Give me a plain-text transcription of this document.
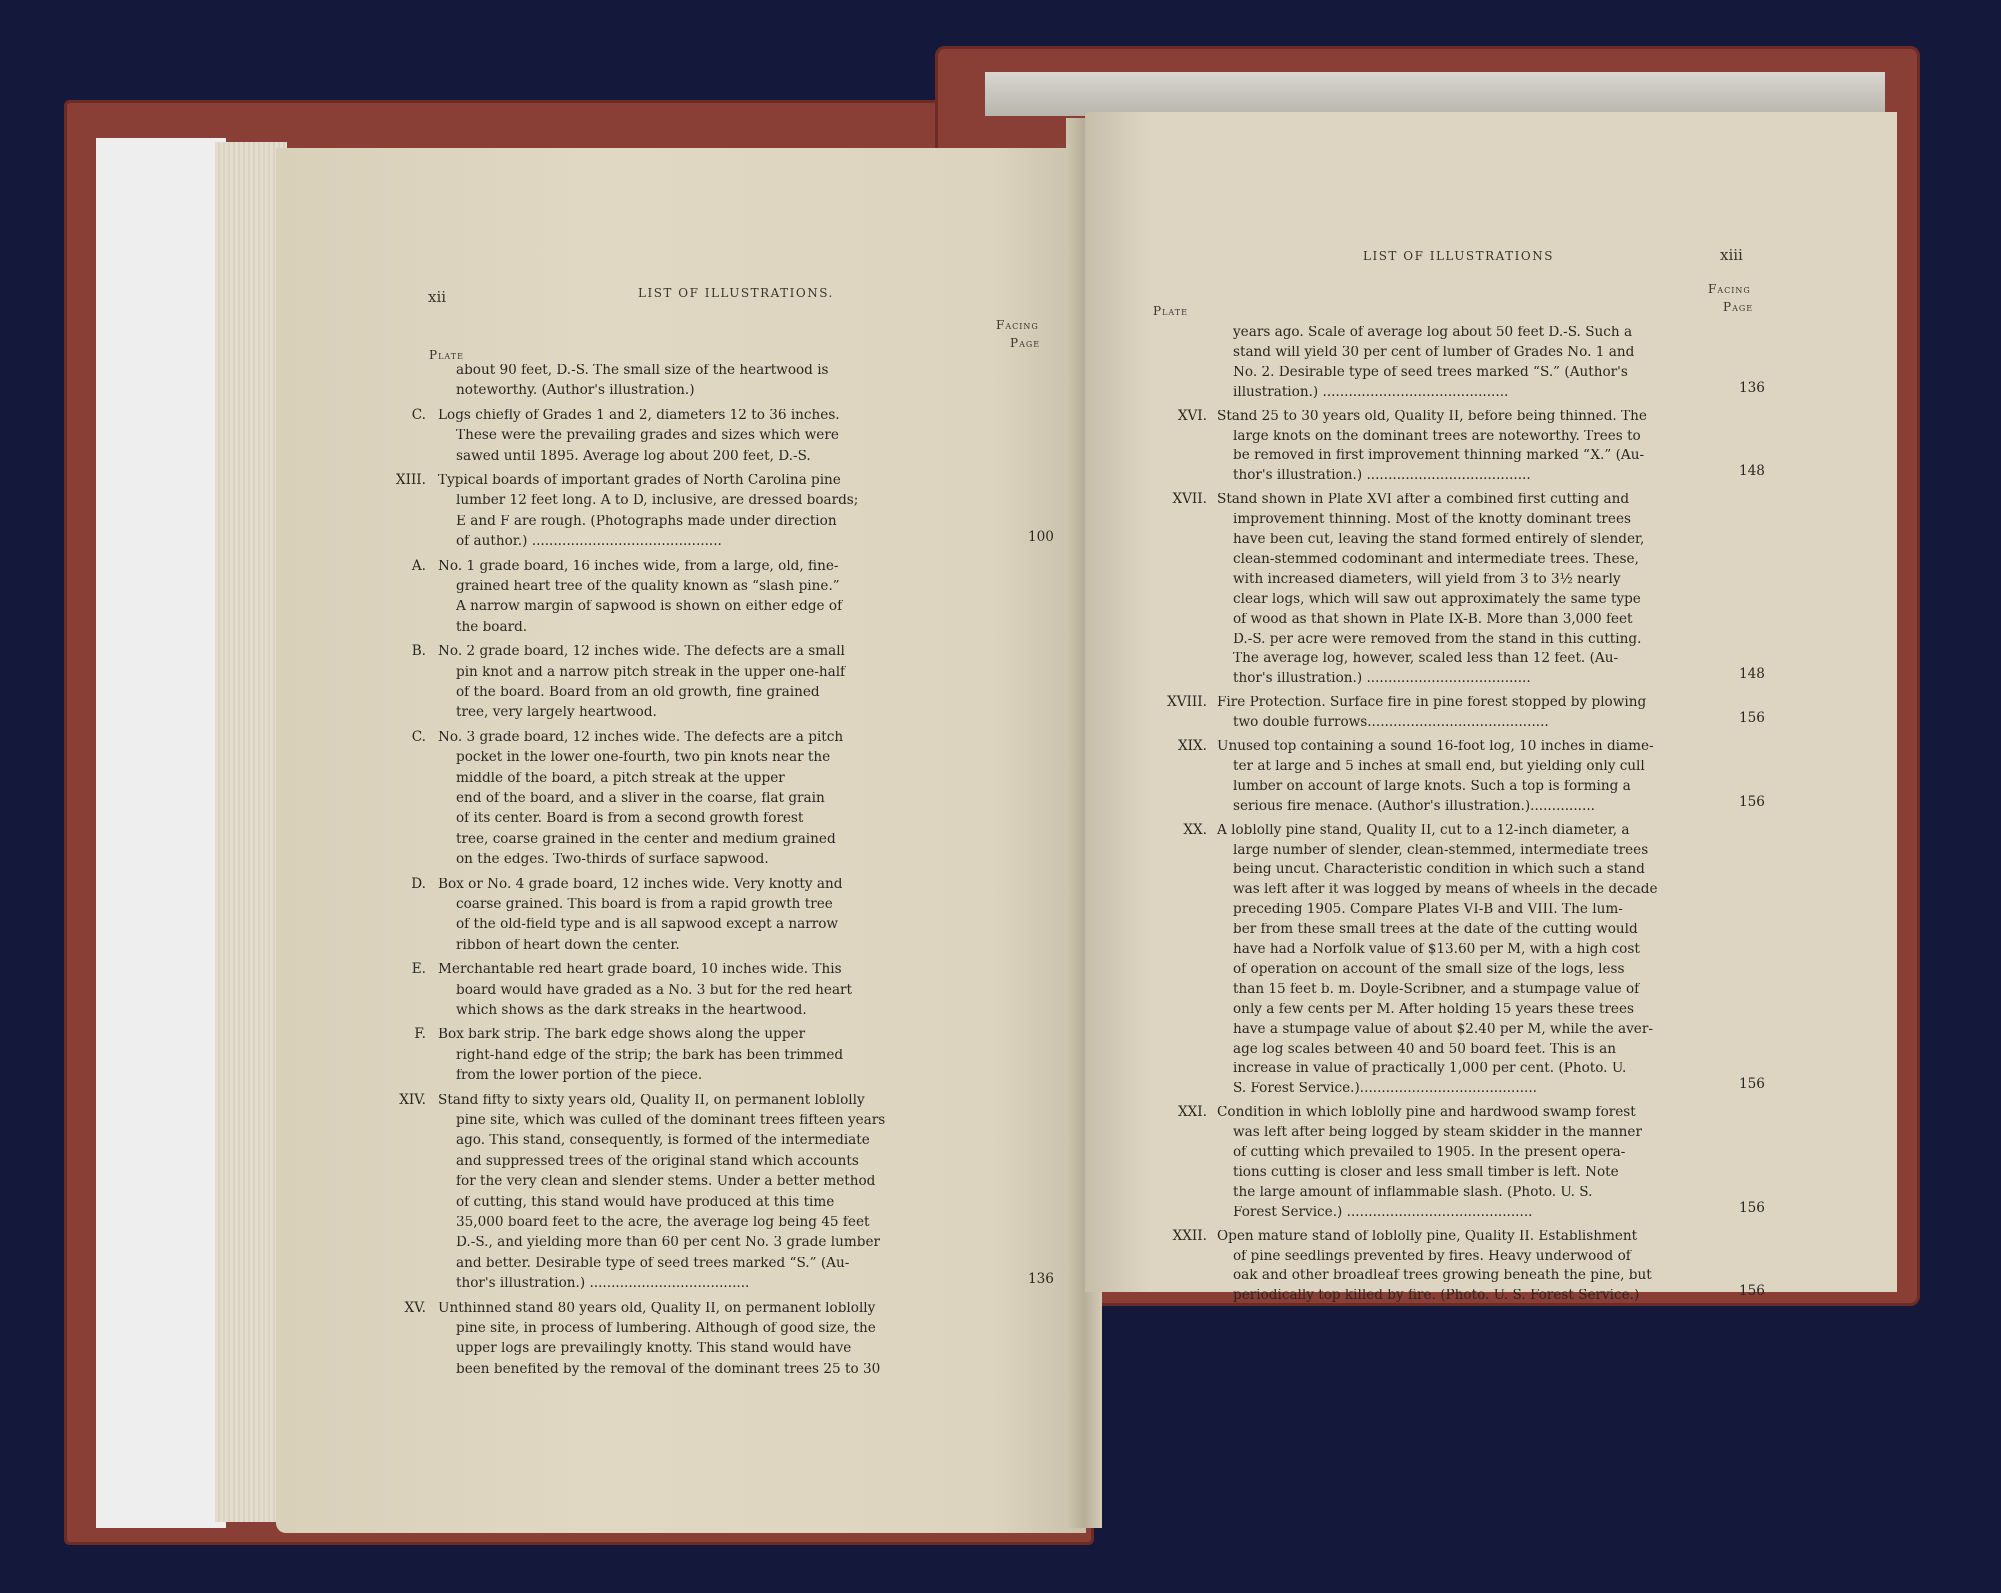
xii	LIST OF ILLUSTRATIONS.
Facing
Page
Plate
about 90 feet, D.-S. The small size of the heartwood is
noteworthy. (Author's illustration.)
C. Logs chiefly of Grades 1 and 2, diameters 12 to 36 inches.
These were the prevailing grades and sizes which were
sawed until 1895. Average log about 200 feet, D.-S.
XIII. Typical boards of important grades of North Carolina pine
lumber 12 feet long. A to D, inclusive, are dressed boards;
E and F are rough. (Photographs made under direction
of author.) ............................................	100
A. No. 1 grade board, 16 inches wide, from a large, old, fine-
grained heart tree of the quality known as “slash pine.”
A narrow margin of sapwood is shown on either edge of
the board.
B. No. 2 grade board, 12 inches wide. The defects are a small
pin knot and a narrow pitch streak in the upper one-half
of the board. Board from an old growth, fine grained
tree, very largely heartwood.
C. No. 3 grade board, 12 inches wide. The defects are a pitch
pocket in the lower one-fourth, two pin knots near the
middle of the board, a pitch streak at the upper
end of the board, and a sliver in the coarse, flat grain
of its center. Board is from a second growth forest
tree, coarse grained in the center and medium grained
on the edges. Two-thirds of surface sapwood.
D. Box or No. 4 grade board, 12 inches wide. Very knotty and
coarse grained. This board is from a rapid growth tree
of the old-field type and is all sapwood except a narrow
ribbon of heart down the center.
E. Merchantable red heart grade board, 10 inches wide. This
board would have graded as a No. 3 but for the red heart
which shows as the dark streaks in the heartwood.
F. Box bark strip. The bark edge shows along the upper
right-hand edge of the strip; the bark has been trimmed
from the lower portion of the piece.
XIV. Stand fifty to sixty years old, Quality II, on permanent loblolly
pine site, which was culled of the dominant trees fifteen years
ago. This stand, consequently, is formed of the intermediate
and suppressed trees of the original stand which accounts
for the very clean and slender stems. Under a better method
of cutting, this stand would have produced at this time
35,000 board feet to the acre, the average log being 45 feet
D.-S., and yielding more than 60 per cent No. 3 grade lumber
and better. Desirable type of seed trees marked “S.” (Au-
thor's illustration.) .....................................	136
XV. Unthinned stand 80 years old, Quality II, on permanent loblolly
pine site, in process of lumbering. Although of good size, the
upper logs are prevailingly knotty. This stand would have
been benefited by the removal of the dominant trees 25 to 30
LIST OF ILLUSTRATIONS	xiii
Facing
Page
Plate
years ago. Scale of average log about 50 feet D.-S. Such a
stand will yield 30 per cent of lumber of Grades No. 1 and
No. 2. Desirable type of seed trees marked “S.” (Author's
illustration.) ...........................................	136
XVI. Stand 25 to 30 years old, Quality II, before being thinned. The
large knots on the dominant trees are noteworthy. Trees to
be removed in first improvement thinning marked “X.” (Au-
thor's illustration.) ......................................	148
XVII. Stand shown in Plate XVI after a combined first cutting and
improvement thinning. Most of the knotty dominant trees
have been cut, leaving the stand formed entirely of slender,
clean-stemmed codominant and intermediate trees. These,
with increased diameters, will yield from 3 to 3½ nearly
clear logs, which will saw out approximately the same type
of wood as that shown in Plate IX-B. More than 3,000 feet
D.-S. per acre were removed from the stand in this cutting.
The average log, however, scaled less than 12 feet. (Au-
thor's illustration.) ......................................	148
XVIII. Fire Protection. Surface fire in pine forest stopped by plowing
two double furrows..........................................	156
XIX. Unused top containing a sound 16-foot log, 10 inches in diame-
ter at large and 5 inches at small end, but yielding only cull
lumber on account of large knots. Such a top is forming a
serious fire menace. (Author's illustration.)...............	156
XX. A loblolly pine stand, Quality II, cut to a 12-inch diameter, a
large number of slender, clean-stemmed, intermediate trees
being uncut. Characteristic condition in which such a stand
was left after it was logged by means of wheels in the decade
preceding 1905. Compare Plates VI-B and VIII. The lum-
ber from these small trees at the date of the cutting would
have had a Norfolk value of $13.60 per M, with a high cost
of operation on account of the small size of the logs, less
than 15 feet b. m. Doyle-Scribner, and a stumpage value of
only a few cents per M. After holding 15 years these trees
have a stumpage value of about $2.40 per M, while the aver-
age log scales between 40 and 50 board feet. This is an
increase in value of practically 1,000 per cent. (Photo. U.
S. Forest Service.).........................................	156
XXI. Condition in which loblolly pine and hardwood swamp forest
was left after being logged by steam skidder in the manner
of cutting which prevailed to 1905. In the present opera-
tions cutting is closer and less small timber is left. Note
the large amount of inflammable slash. (Photo. U. S.
Forest Service.) ...........................................	156
XXII. Open mature stand of loblolly pine, Quality II. Establishment
of pine seedlings prevented by fires. Heavy underwood of
oak and other broadleaf trees growing beneath the pine, but
periodically top killed by fire. (Photo. U. S. Forest Service.)	156
